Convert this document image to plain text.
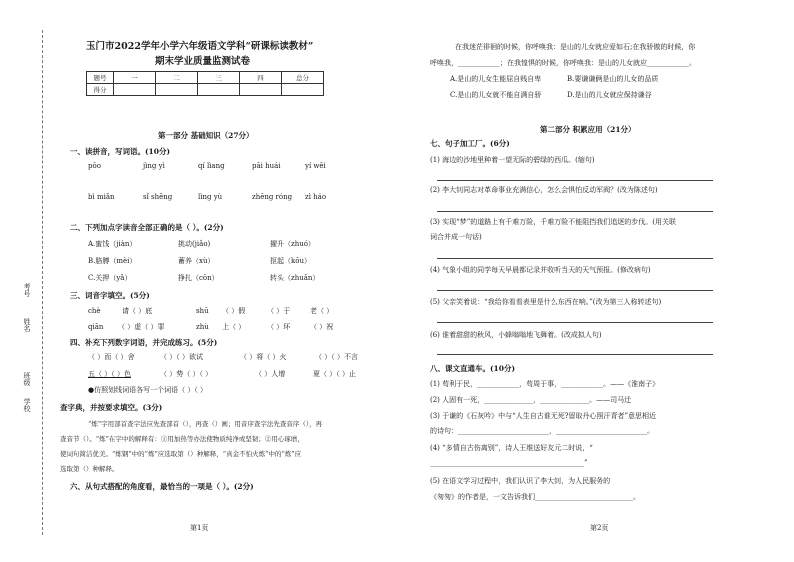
考号
姓名
班级
学校
玉门市2022学年小学六年级语文学科“研课标读教材”
期末学业质量监测试卷
题号	一	二	三	四	总分
得分					
第一部分 基础知识（27分）
一、读拼音，写词语。(10分)
pōo	jìng yì	qí lìang	pāi huái	yí wěi
bì miǎn	sǐ shēng	lìng yù	zhēng róng zì háo
二、下列加点字读音全部正确的是（ ）。(2分)
A.蜜饯（jiàn）	挑动(jiǎo)	擢升（zhuó）
B.胳膊（mèi）	蓄养（xù）	抠起（kōu）
C.关押（yǎ）	挣扎（cōn）	转头（zhuǎn）
三、词音字填空。(5分)
chè	请（ ）底	shū （ ）假	（ ）于	老（ ）
qiān （ ）虚（ ）罪	zhù 上（ ）	（ ）环	（ ）祝
四、补充下列数字词语，并完成练习。(5分)
（ ）而（ ）舍	（ ）（ ）欲试	（ ）将（ ）火	（ ）（ ）不言
五（ ）（ ）色	（ ）势（ ）（ ）	（ ）人增	夏（ ）（ ）止
●仿照划线词语各写一个词语（ ）（ ）
查字典，并按要求填空。(3分)
“炼”字用部首查字法应先查部首（），再查（）画；用音序查字法先查音序（），再
查音节（）。“炼”在字中的解释有：①用加热等办法使物质纯净或坚韧；②用心琢磨，
使词句简洁优美。“炼钢”中的“炼”应选取第（）种解释，“真金不怕火炼”中的“炼”应
选取第（）种解释。
六、从句式搭配的角度看，最恰当的一项是（ ）。(2分)
第1页
在我迷茫徘徊的时候，你呼唤我：是山的儿女就应爱如石;在我骄傲的时候，你
呼唤我，____________；在我惶惧的时候，你呼唤我：是山的儿女就应____________。
A.是山的儿女生能屈自贱自卑	B.要谦谦俩是山的儿女的品质
C.是山的儿女就不能自满自骄	D.是山的儿女就应保持谦谷
第二部分 积累应用（21分）
七、句子加工厂。(6分)
(1) 海边的沙地里种着一望无际的碧绿的西瓜。(缩句)
(2) 李大钊同志对革命事业充满信心，怎么会惧怕反动军阀？(改为陈述句)
(3) 实现“梦”的道路上有千难万险，千难万险不能阻挡我们追逐的步伐。(用关联
词合并成一句话)
(4) 气象小组的同学每天早晨都记录并收听当天的天气预报。(修改病句)
(5) 父亲笑着说：“我给你看看表里是什么东西在响。”(改为第三人称转述句)
(6) 谁着甜甜的秋风，小蜂嗡嗡地飞舞着。(改成拟人句)
八、课文直通车。(10分)
(1) 苟利于民，____________，苟周于事，____________。——《淮南子》
(2) 人固有一死，______________，______________。——司马迁
(3) 于谦的《石灰吟》中与“人生自古谁无死?留取丹心照汗青者”意思相近
的诗句：__________________________，__________________________。
(4) “多情自古伤离别”，诗人王维送好友元二时说，“
____________________________________________”
(5) 在语文学习过程中，我们认识了李大钊，为人民服务的
《匆匆》的作者是，一文告诉我们____________________________。
第2页
